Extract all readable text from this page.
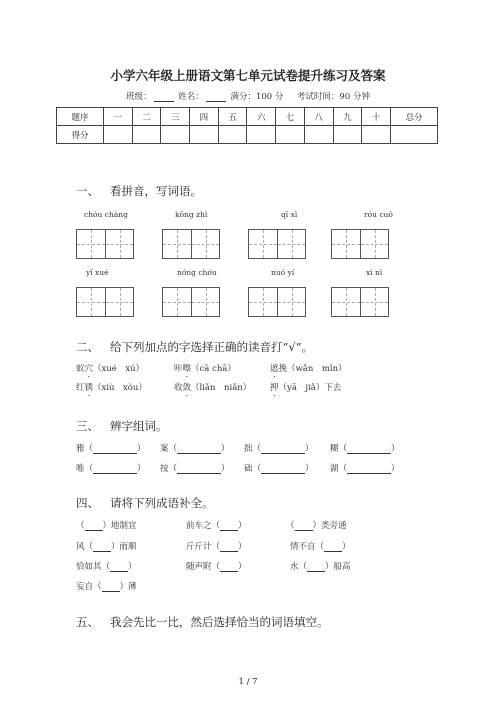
小学六年级上册语文第七单元试卷提升练习及答案
班级：	姓名：	满分：100 分 考试时间：90 分钟
题序	一	二	三	四	五	六	七	八	九	十	总分
得分											
一、 看拼音，写词语。
chóu chàng	kōng zhì	qī xī	róu cuō
yǐ xué	nóng chóu	nuó yí	xì nì
二、 给下列加点的字选择正确的读音打“√”。
蚁穴（xué　xú）	咔嚓（cā chā）	遮挽（wǎn　mǐn）
红锈（xiù　xòu）	收敛（liǎn　niǎn） 押（yā　jiǎ）下去
三、 辨字组词。
雅（	） 案（	） 拙（	） 糊（	）
唯（	） 按（	） 础（	） 湖（	）
四、 请将下列成语补全。
（ ）地制宜	前车之（ ）	（ ）类旁通
风（ ）雨顺	斤斤计（ ）	情不自（ ）
恰如其（ ）	随声附（ ）	水（ ）船高
妄自（ ）薄
五、 我会先比一比，然后选择恰当的词语填空。
1 / 7
